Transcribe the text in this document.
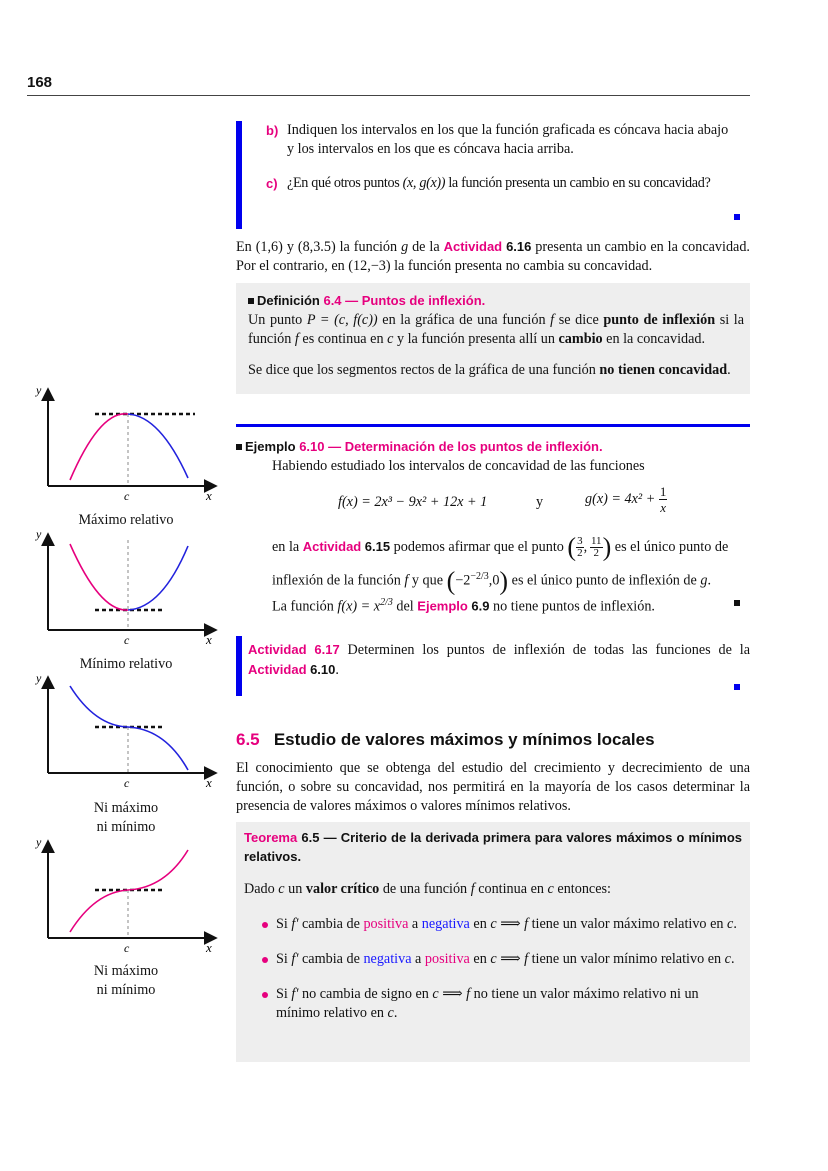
168
b) Indiquen los intervalos en los que la función graficada es cóncava hacia abajo
y los intervalos en los que es cóncava hacia arriba.
c) ¿En qué otros puntos (x, g(x)) la función presenta un cambio en su concavidad?
En (1,6) y (8,3.5) la función g de la Actividad 6.16 presenta un cambio en la concavidad. Por el contrario, en (12,−3) la función presenta no cambia su concavidad.
Definición 6.4 — Puntos de inflexión.
Un punto P = (c, f(c)) en la gráfica de una función f se dice punto de inflexión si la función f es continua en c y la función presenta allí un cambio en la concavidad.
Se dice que los segmentos rectos de la gráfica de una función no tienen concavidad.
Ejemplo 6.10 — Determinación de los puntos de inflexión.
Habiendo estudiado los intervalos de concavidad de las funciones
f(x) = 2x³ − 9x² + 12x + 1	y	$g(x) = 4x^2 + \frac{1}{x}$
en la Actividad 6.15 podemos afirmar que el punto ( $\frac{3}{2}$ ,  $\frac{11}{2}$ ) es el único punto de
inflexión de la función f y que $(-2^{-2/3},0)$ es el único punto de inflexión de g.
La función $f(x) = x^{2/3}$ del Ejemplo 6.9 no tiene puntos de inflexión.
Actividad 6.17 Determinen los puntos de inflexión de todas las funciones de la Actividad 6.10.
6.5 Estudio de valores máximos y mínimos locales
El conocimiento que se obtenga del estudio del crecimiento y decrecimiento de una función, o sobre su concavidad, nos permitirá en la mayoría de los casos determinar la presencia de valores máximos o valores mínimos relativos.
Teorema 6.5 — Criterio de la derivada primera para valores máximos o mínimos relativos.
Dado c un valor crítico de una función f continua en c entonces:
Si f′ cambia de positiva a negativa en c ⟹ f tiene un valor máximo relativo en c.
Si f′ cambia de negativa a positiva en c ⟹ f tiene un valor mínimo relativo en c.
Si f′ no cambia de signo en c ⟹ f no tiene un valor máximo relativo ni un mínimo relativo en c.
y
x
c
y
x
c
y
x
c
y
x
c
Máximo relativo
Mínimo relativo
Ni máximo
ni mínimo
Ni máximo
ni mínimo
